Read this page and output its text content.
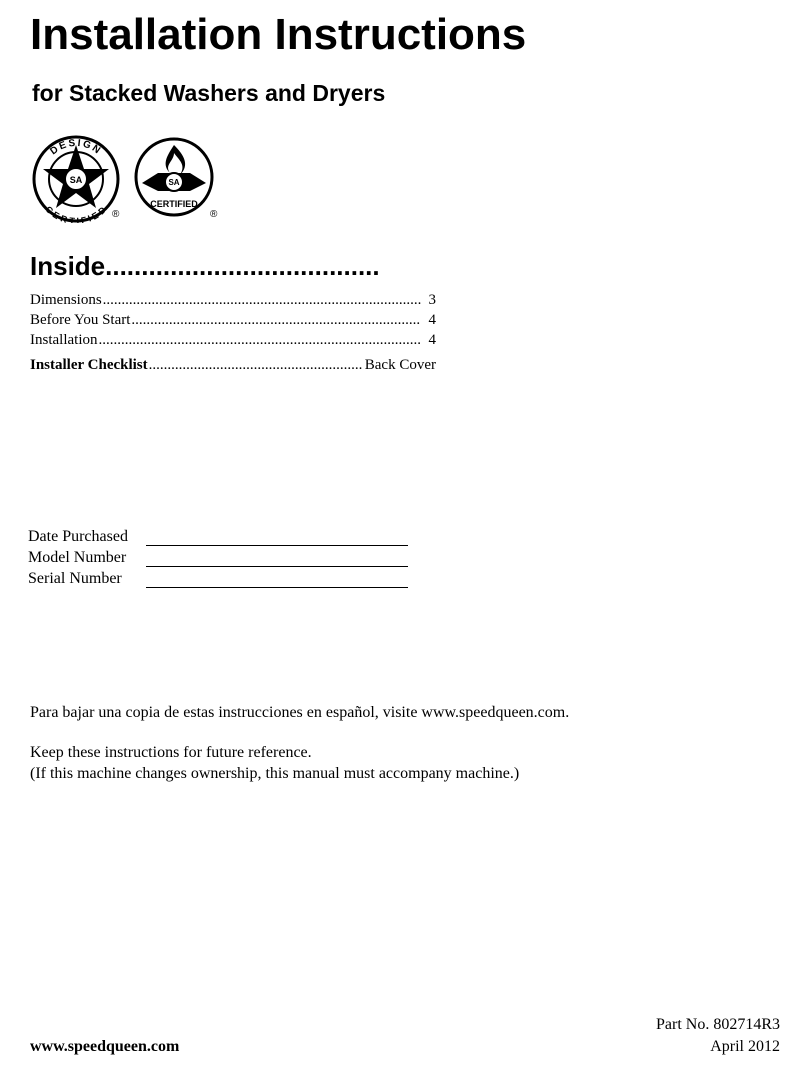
Installation Instructions
for Stacked Washers and Dryers
SA
DESIGN
CERTIFIED ®
SA
CERTIFIED
®
Inside......................................
Dimensions .....	3
Before You Start .....	4
Installation .....	4
Installer Checklist .....	Back Cover
Date Purchased
Model Number
Serial Number
Para bajar una copia de estas instrucciones en español, visite www.speedqueen.com.
Keep these instructions for future reference.
(If this machine changes ownership, this manual must accompany machine.)
www.speedqueen.com
Part No. 802714R3
April 2012
